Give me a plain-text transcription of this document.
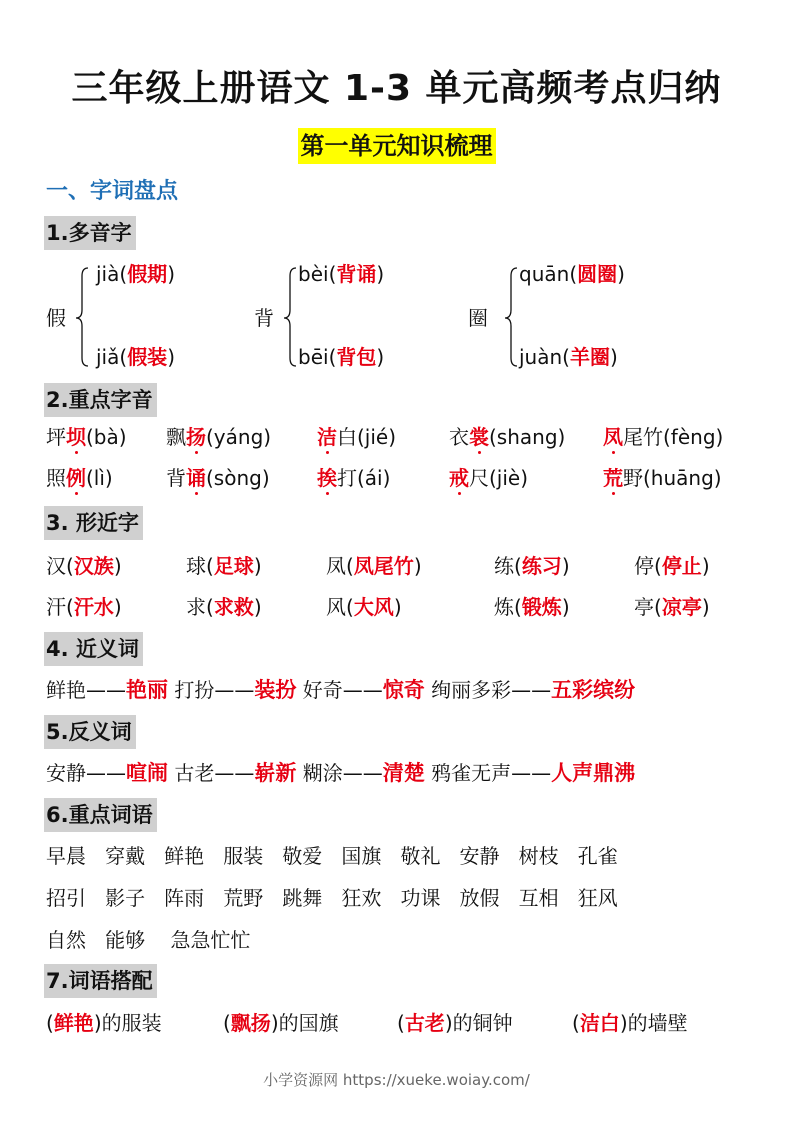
三年级上册语文 1-3 单元高频考点归纳
第一单元知识梳理
一、字词盘点
1.多音字
假
jià(假期)
jiǎ(假装)
背
bèi(背诵)
bēi(背包)
圈
quān(圆圈)
juàn(羊圈)
2.重点字音
坪坝(bà) 飘扬(yáng) 洁白(jié)	衣裳(shang) 凤尾竹(fèng)
照例(lì)	背诵(sòng) 挨打(ái)	戒尺(jiè)	荒野(huāng)
3. 形近字
汉(汉族)	球(足球)	凤(凤尾竹)	练(练习)	停(停止)
汗(汗水)	求(求救)	风(大风)	炼(锻炼)	亭(凉亭)
4. 近义词
鲜艳——艳丽 打扮——装扮 好奇——惊奇 绚丽多彩——五彩缤纷
5.反义词
安静——喧闹 古老——崭新 糊涂——清楚 鸦雀无声——人声鼎沸
6.重点词语
早晨 穿戴 鲜艳 服装 敬爱 国旗 敬礼 安静 树枝 孔雀
招引 影子 阵雨 荒野 跳舞 狂欢 功课 放假 互相 狂风
自然 能够 急急忙忙
7.词语搭配
(鲜艳)的服装	(飘扬)的国旗	(古老)的铜钟	(洁白)的墙壁
小学资源网 https://xueke.woiay.com/
